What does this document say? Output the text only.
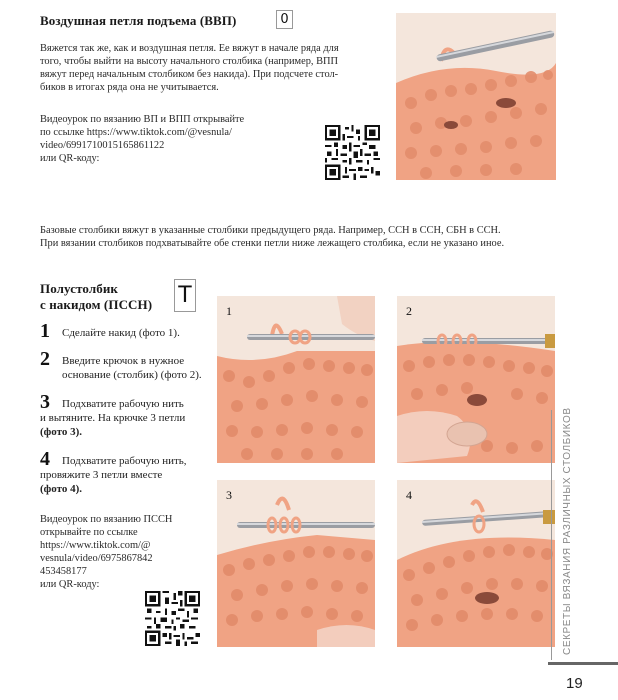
Воздушная петля подъема (ВВП)	0
Вяжется так же, как и воздушная петля. Ее вяжут в начале ряда для
того, чтобы выйти на высоту начального столбика (например, ВПП
вяжут перед начальным столбиком без накида). При подсчете стол-
биков в итогах ряда она не учитывается.
Видеоурок по вязанию ВП и ВПП открывайте
по ссылке https://www.tiktok.com/@vesnula/
video/6991710015165861122
или QR-коду:
Базовые столбики вяжут в указанные столбики предыдущего ряда. Например, ССН в ССН, СБН в ССН.
При вязании столбиков подхватывайте обе стенки петли ниже лежащего столбика, если не указано иное.
Полустолбик
с накидом (ПССН) T
1 Сделайте накид (фото 1).
2 Введите крючок в нужное
основание (столбик) (фото 2).
3	Подхватите рабочую нить
и вытяните. На крючке 3 петли
(фото 3).
4	Подхватите рабочую нить,
провяжите 3 петли вместе
(фото 4).
Видеоурок по вязанию ПССН
открывайте по ссылке
https://www.tiktok.com/@
vesnula/video/6975867842
453458177
или QR-коду:
1	2
3	4	СЕКРЕТЫ ВЯЗАНИЯ РАЗЛИЧНЫХ СТОЛБИКОВ
19
